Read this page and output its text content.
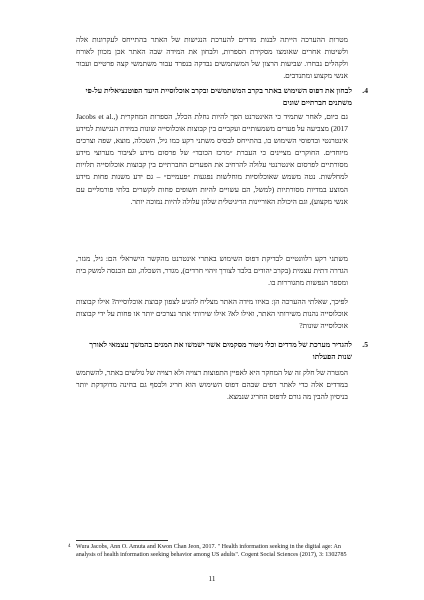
מטרות ההערכה הייתה לבנות מדדים להערכת הנגישות של האתר בהתייחס לעקרונות אלה ולשיטות אחרים שאומצו מסקירת הספרות, ולבחון את המידה שבה האתר אכן מכוון לאורח ולקהלים נבחרו. שביעות הרצון של המשתמשים נבדקה בנפרד עבור משתמשי קצה פרטיים ועבור אנשי מקצוע ומתנדבים.

.4
לבחון את דפוס השימוש באתר בקרב המשתמשים ובקרב אוכלוסיית היעד הפוטנציאלית על-פי משתנים חברתיים שונים

גם כיום, לאחר שתמיד כי האינטרנט הפך להיות נחלת הכלל, הספרות המחקרית (Jacobs et al., 2017) מצביעה על פערים משמעותיים ועקביים בין קבוצות אוכלוסייה שונות במידת הנגישות למידע אינטרנטי ובדפוסי השימוש בו, בהתייחס לבסיס משתני רקע כמו גיל, השכלה, מוצא, שפה וצרכים מיוחדים. החוקרים מציינים כי העברת ״מרכז הכובד״ של פרסום מידע לציבור מערוצי מידע מסורתיים לפרסום אינטרנטי עלולה להרחיב את הפערים החברתיים בין קבוצות אוכלוסייה תלויות למחלשות. נטה משמש שאוכלוסיות מוחלשות נפגעות ״פעמיים״ – גם ידע משנות פחות מידע המוצע במדיות מסורתיות (למשל, הם עשויים להיות חשופים פחות לקשרים בלתי פורמליים עם אנשי מקצוע), וגם היכולת האוריינות הדיגיטלית שלהן עלולה להיות נמוכה יותר.

משתני רקע רלוונטיים לבדיקת דפוס השימוש באתרי אינטרנט מהקשר הישראלי הם: גיל, מגזר, הגדרה דתית עצמית (בקרב יהודים בלבד לצורך זיהוי חרדים), מגדר, השכלה, וגם הכנסה למשק בית ומספר הנפשות מתגוררות בו.

לפיכך, שאלתי ההערכה הן: באיזו מידה האתר מצליח להגיע לצפון קבוצת אוכלוסייה? אילו קבוצות אוכלוסייה נהנות משירותי האתר, ואילו לא? אילו שירותי אתר נצרכים יותר או פחות על ידי קבוצות אוכלוסייה שונות?

.5
להגדיר מערכת של מדדים וכלי ניטור מסקמים אשר ישמשו את המנים בהמשך עצמאי לאורך שנות הפעלתו

המטרה של חלק זה של המחקר היא לאפיין התפוצות רצויה ולא רצויה של גולשים באתר, להשתמש במדדים אלה כדי לאתר דפים שבהם דפוס השימוש הוא חריג ולבסף גם בחינה מדוקדקת יותר בניסיון להבין מה גורם לדפוס החריג שנמצא.

4 Wura Jacobs, Ann O. Amuta and Kwon Chan Jeon, 2017. " Health information seeking in the digital age: An analysis of health information seeking behavior among US adults". Cogent Social Sciences (2017), 3: 1302785
11
